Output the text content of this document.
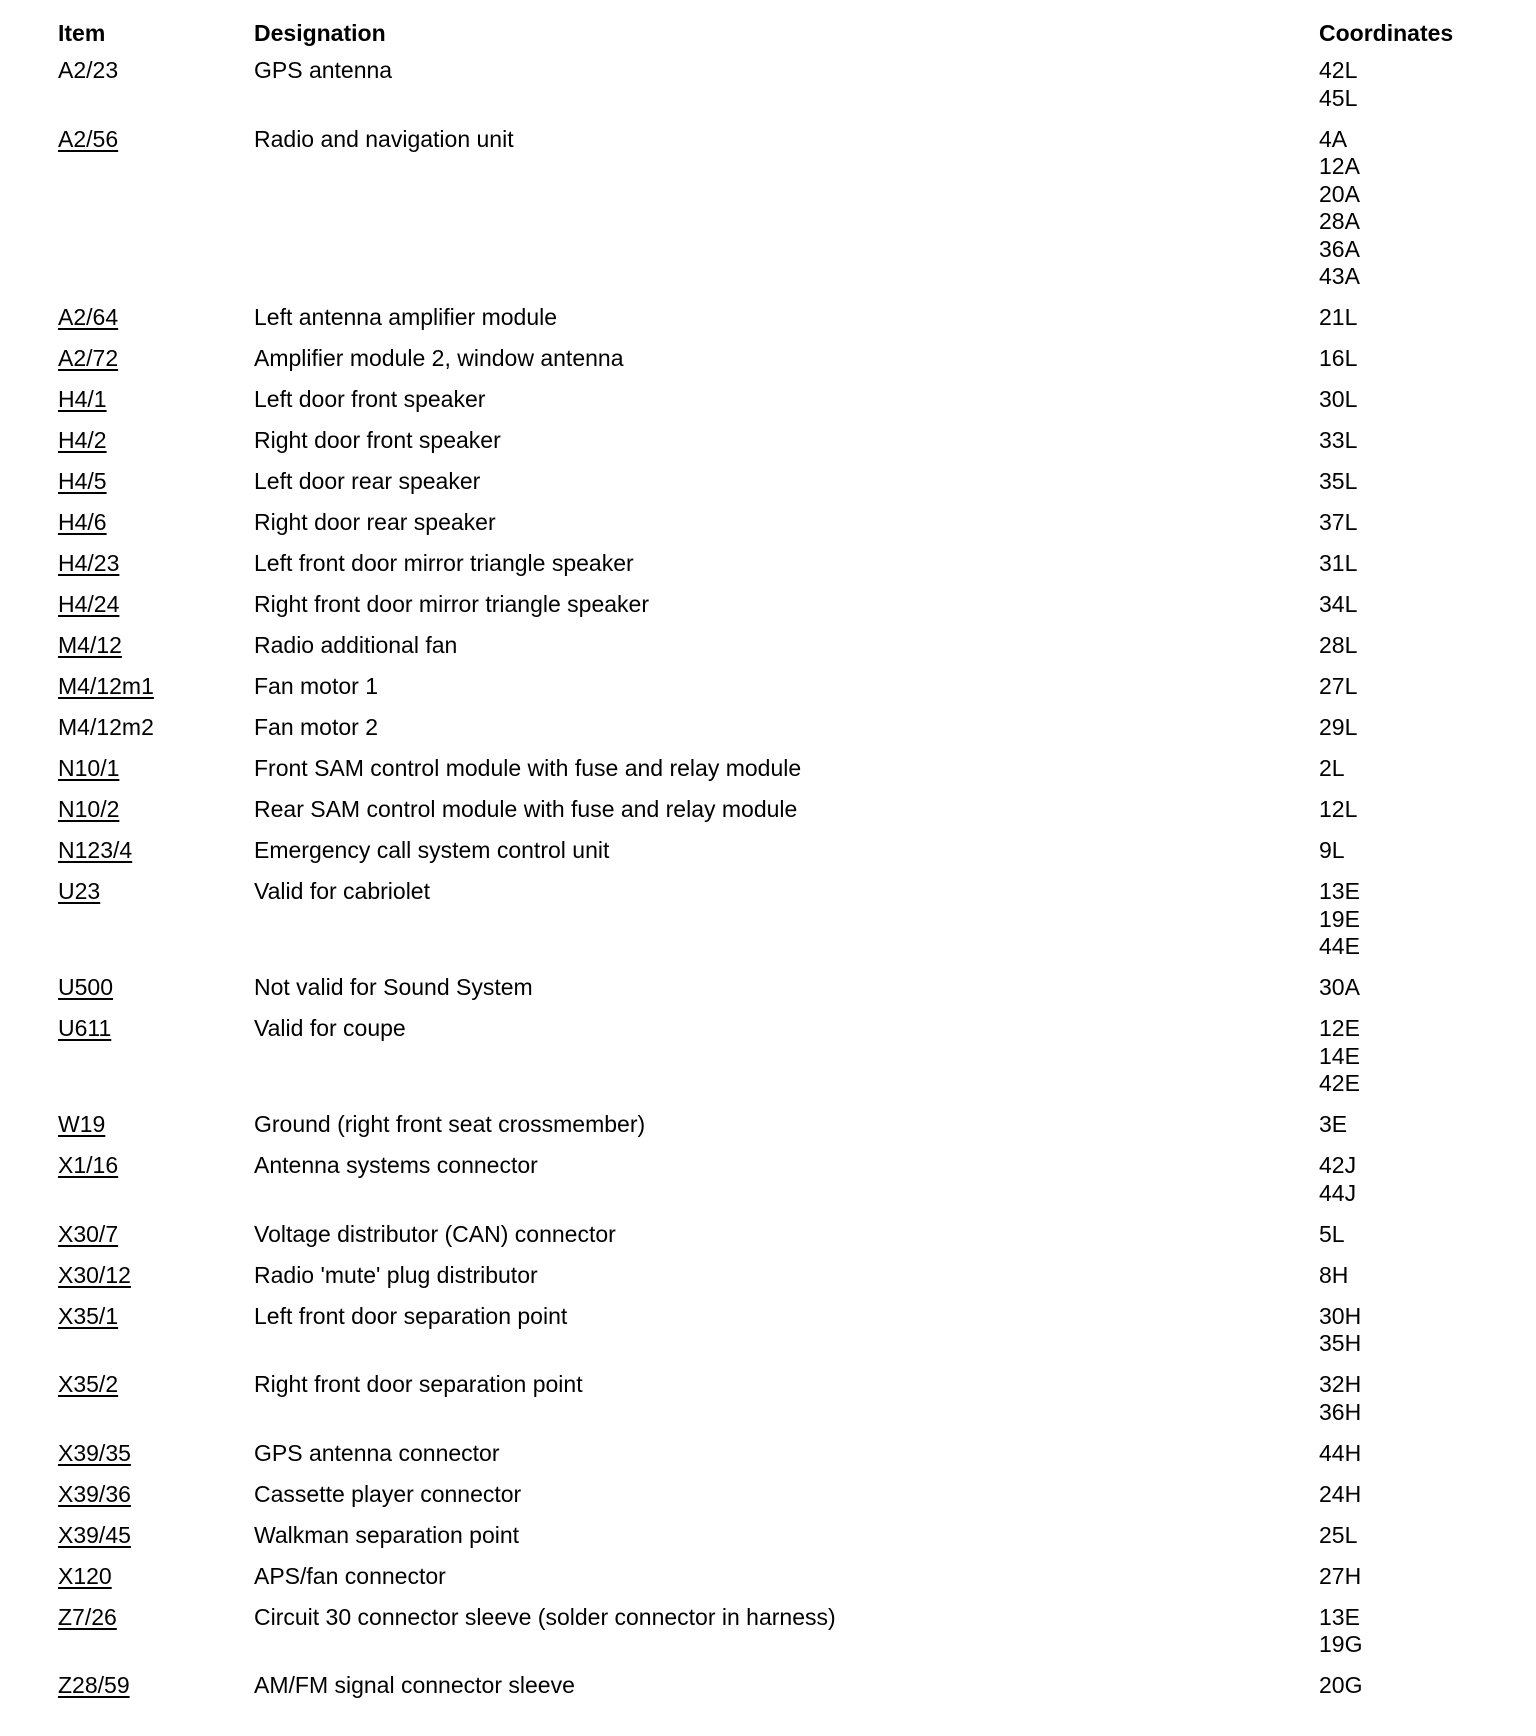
Item	Designation	Coordinates
A2/23	GPS antenna	42L
45L
A2/56	Radio and navigation unit	4A
12A
20A
28A
36A
43A
A2/64	Left antenna amplifier module	21L
A2/72	Amplifier module 2, window antenna	16L
H4/1	Left door front speaker	30L
H4/2	Right door front speaker	33L
H4/5	Left door rear speaker	35L
H4/6	Right door rear speaker	37L
H4/23	Left front door mirror triangle speaker	31L
H4/24	Right front door mirror triangle speaker	34L
M4/12	Radio additional fan	28L
M4/12m1	Fan motor 1	27L
M4/12m2	Fan motor 2	29L
N10/1	Front SAM control module with fuse and relay module	2L
N10/2	Rear SAM control module with fuse and relay module	12L
N123/4	Emergency call system control unit	9L
U23	Valid for cabriolet	13E
19E
44E
U500	Not valid for Sound System	30A
U611	Valid for coupe	12E
14E
42E
W19	Ground (right front seat crossmember)	3E
X1/16	Antenna systems connector	42J
44J
X30/7	Voltage distributor (CAN) connector	5L
X30/12	Radio 'mute' plug distributor	8H
X35/1	Left front door separation point	30H
35H
X35/2	Right front door separation point	32H
36H
X39/35	GPS antenna connector	44H
X39/36	Cassette player connector	24H
X39/45	Walkman separation point	25L
X120	APS/fan connector	27H
Z7/26	Circuit 30 connector sleeve (solder connector in harness)	13E
19G
Z28/59	AM/FM signal connector sleeve	20G
